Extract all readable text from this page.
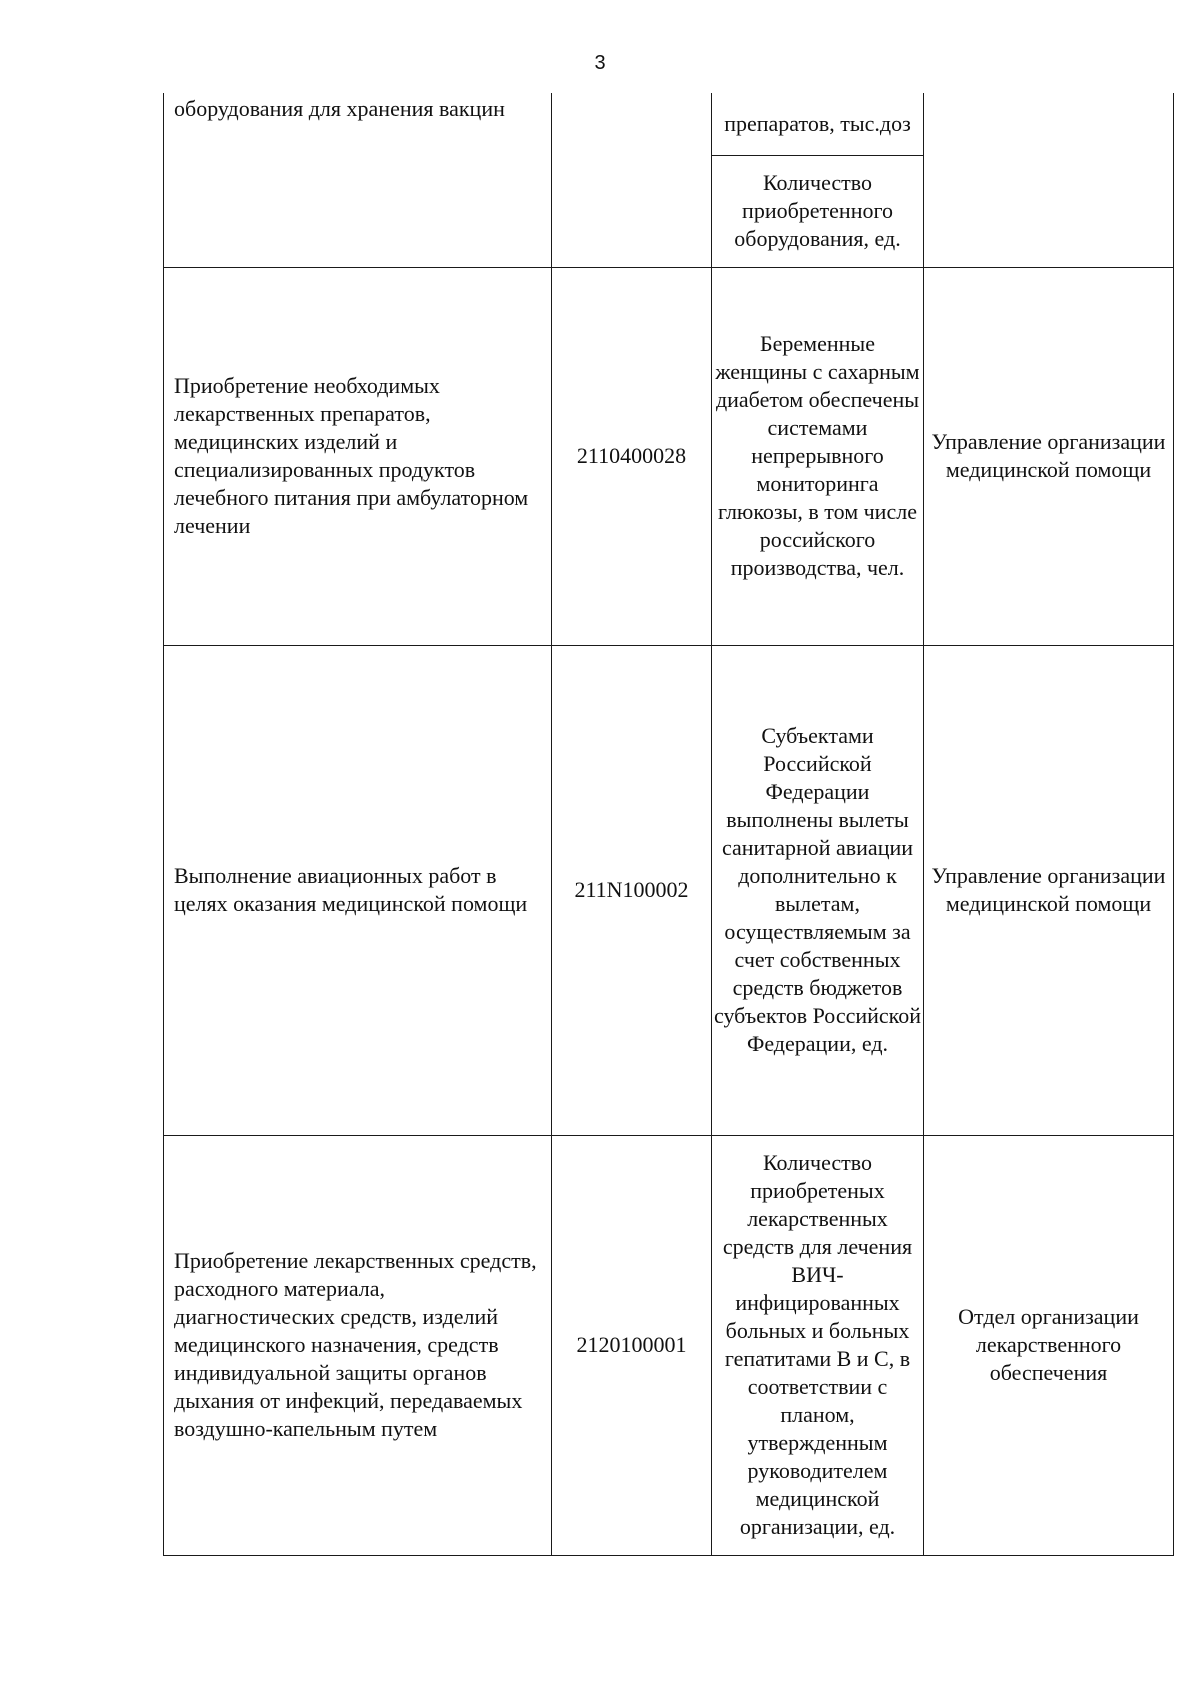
3
оборудования для хранения вакцин		препаратов, тыс.доз	

		Количество приобретенного оборудования, ед.	

Приобретение необходимых лекарственных препаратов, медицинских изделий и специализированных продуктов лечебного питания при амбулаторном лечении	2110400028	Беременные женщины с сахарным диабетом обеспечены системами непрерывного мониторинга глюкозы, в том числе российского производства, чел.	Управление организации медицинской помощи

Выполнение авиационных работ в целях оказания медицинской помощи	211N100002	Субъектами Российской Федерации выполнены вылеты санитарной авиации дополнительно к вылетам, осуществляемым за счет собственных средств бюджетов субъектов Российской Федерации, ед.	Управление организации медицинской помощи

Приобретение лекарственных средств, расходного материала, диагностических средств, изделий медицинского назначения, средств индивидуальной защиты органов дыхания от инфекций, передаваемых воздушно-капельным путем	2120100001	Количество приобретеных лекарственных средств для лечения ВИЧ-инфицированных больных и больных гепатитами В и С, в соответствии с планом, утвержденным руководителем медицинской организации, ед.	Отдел организации лекарственного обеспечения
